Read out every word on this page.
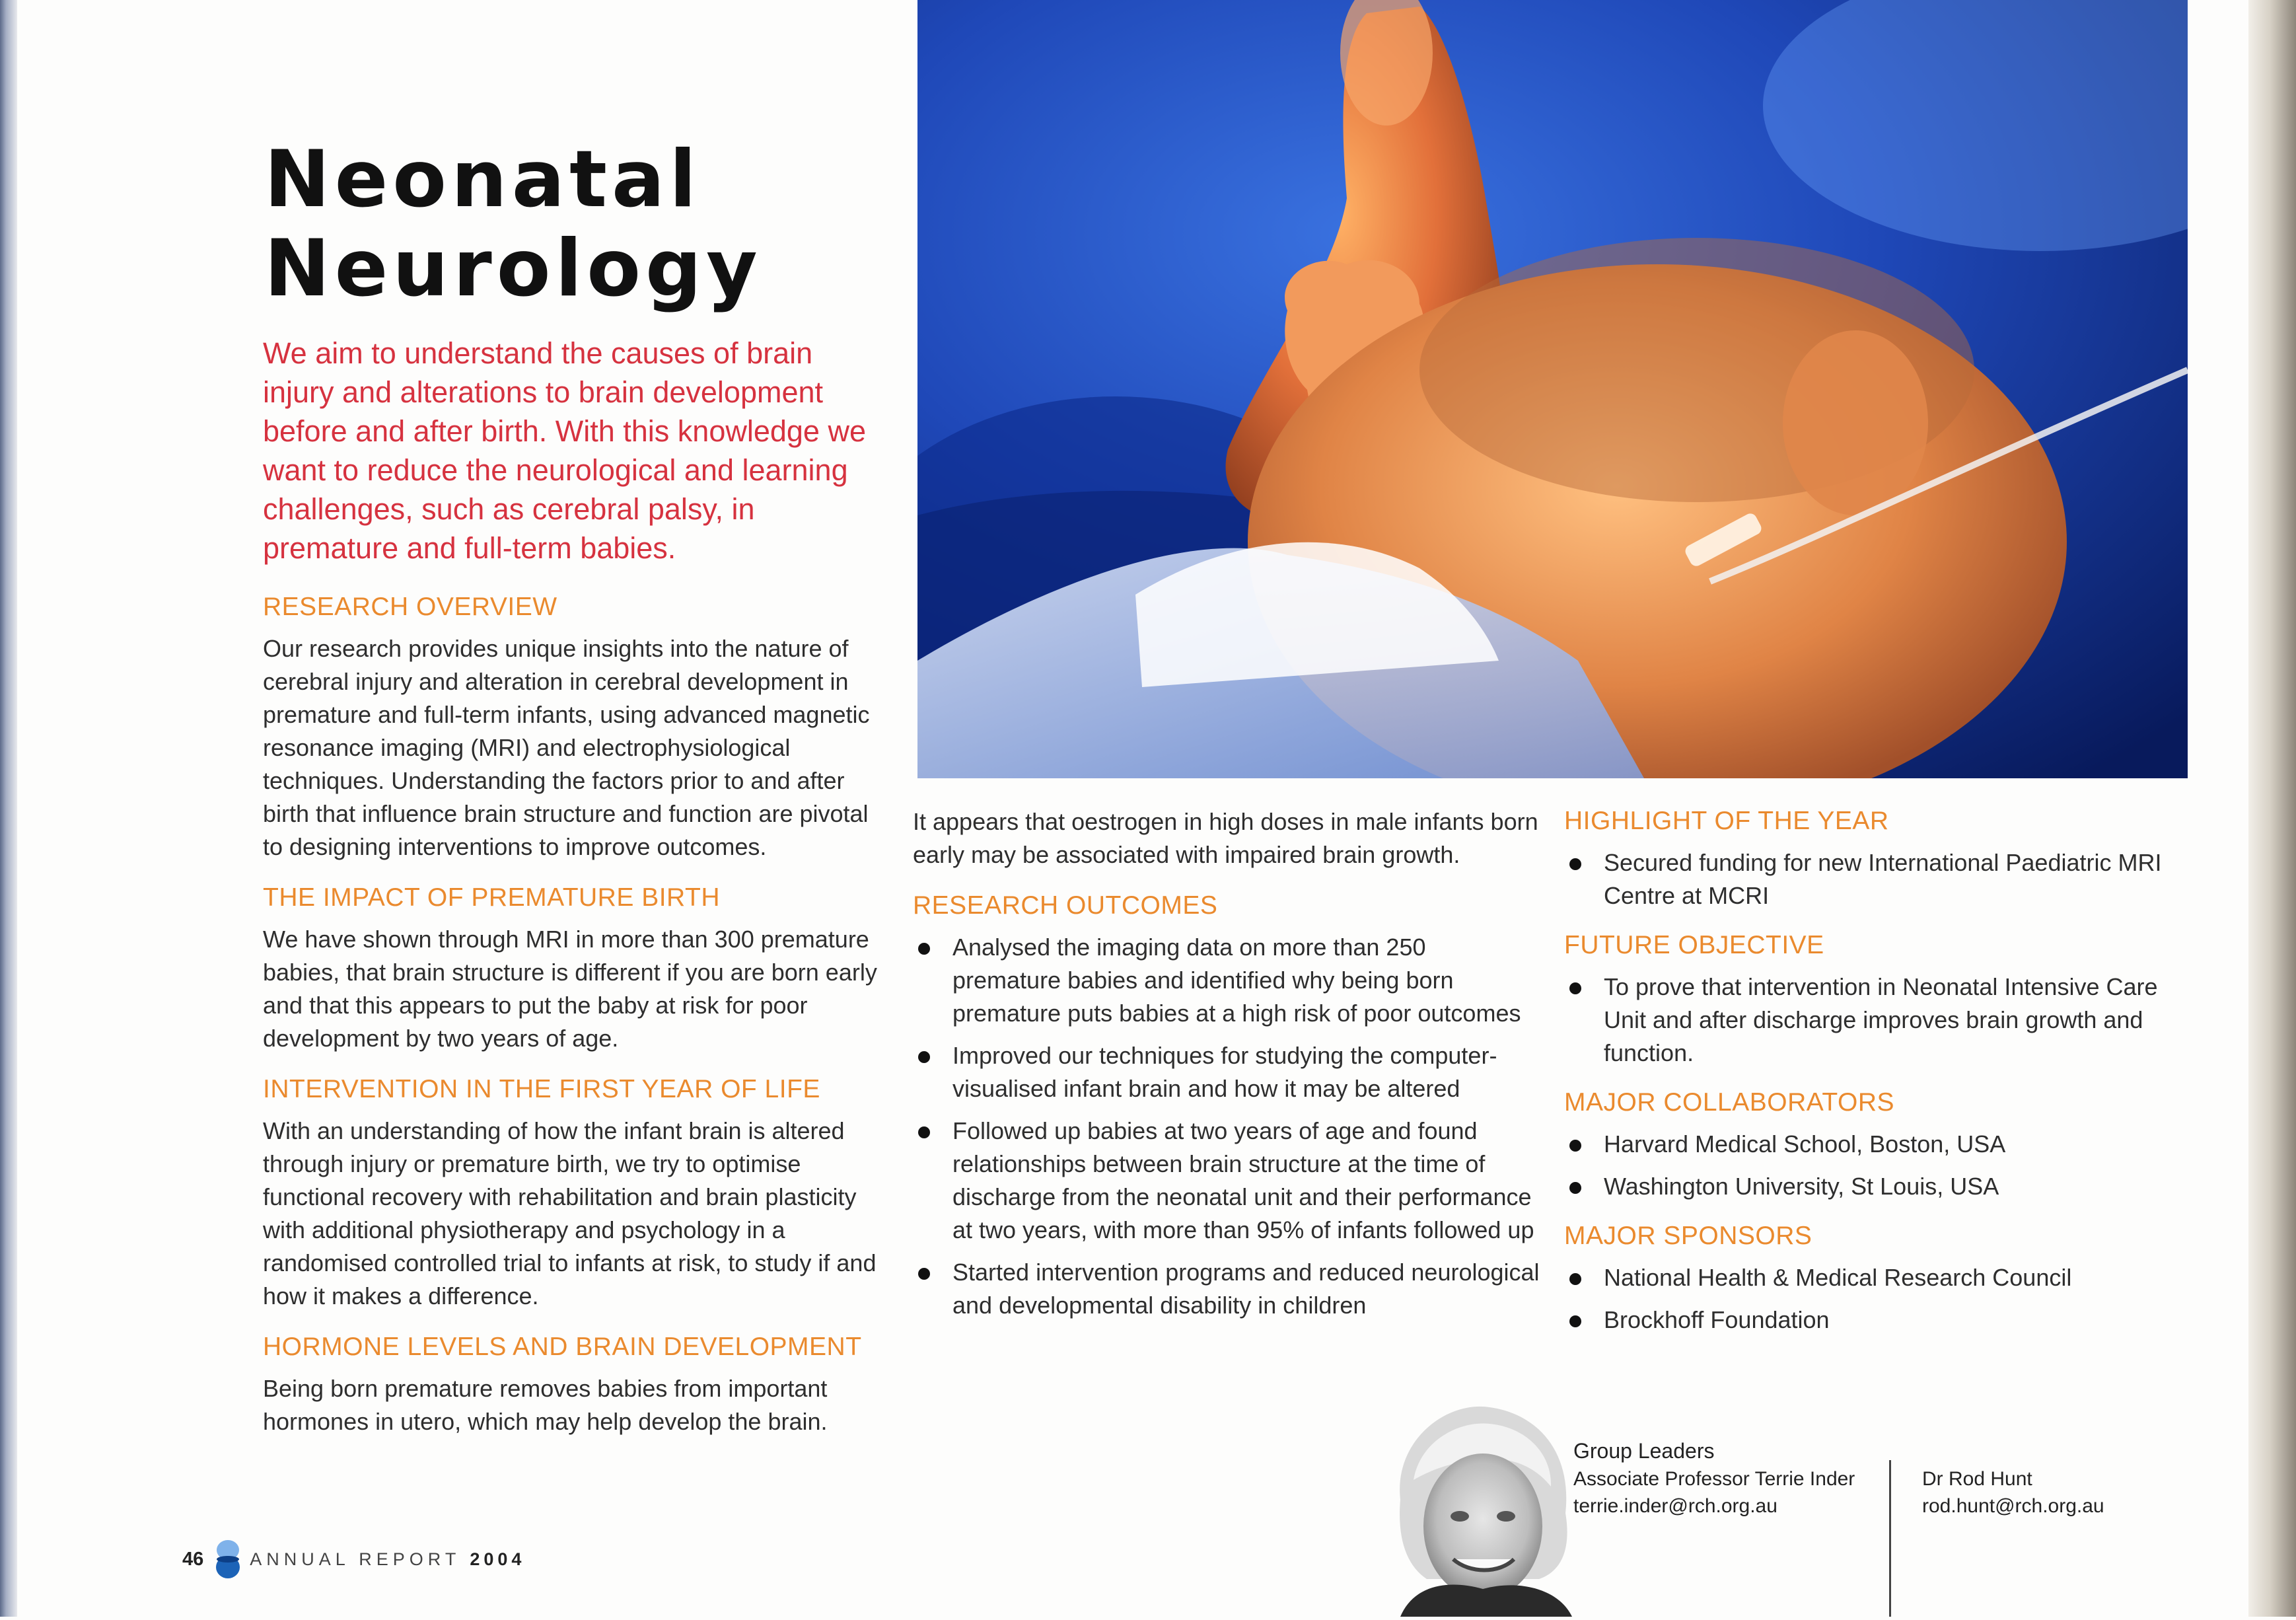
Neonatal
Neurology

We aim to understand the causes of brain injury and alterations to brain development before and after birth. With this knowledge we want to reduce the neurological and learning challenges, such as cerebral palsy, in premature and full-term babies.

RESEARCH OVERVIEW

Our research provides unique insights into the nature of cerebral injury and alteration in cerebral development in premature and full-term infants, using advanced magnetic resonance imaging (MRI) and electrophysiological techniques. Understanding the factors prior to and after birth that influence brain structure and function are pivotal to designing interventions to improve outcomes.

THE IMPACT OF PREMATURE BIRTH

We have shown through MRI in more than 300 premature babies, that brain structure is different if you are born early and that this appears to put the baby at risk for poor development by two years of age.

INTERVENTION IN THE FIRST YEAR OF LIFE

With an understanding of how the infant brain is altered through injury or premature birth, we try to optimise functional recovery with rehabilitation and brain plasticity with additional physiotherapy and psychology in a randomised controlled trial to infants at risk, to study if and how it makes a difference.

HORMONE LEVELS AND BRAIN DEVELOPMENT

Being born premature removes babies from important hormones in utero, which may help develop the brain.

It appears that oestrogen in high doses in male infants born early may be associated with impaired brain growth.

RESEARCH OUTCOMES
Analysed the imaging data on more than 250 premature babies and identified why being born premature puts babies at a high risk of poor outcomes
Improved our techniques for studying the computer-visualised infant brain and how it may be altered
Followed up babies at two years of age and found relationships between brain structure at the time of discharge from the neonatal unit and their performance at two years, with more than 95% of infants followed up
Started intervention programs and reduced neurological and developmental disability in children
HIGHLIGHT OF THE YEAR
Secured funding for new International Paediatric MRI Centre at MCRI
FUTURE OBJECTIVE
To prove that intervention in Neonatal Intensive Care Unit and after discharge improves brain growth and function.
MAJOR COLLABORATORS
Harvard Medical School, Boston, USA
Washington University, St Louis, USA
MAJOR SPONSORS
National Health & Medical Research Council
Brockhoff Foundation

Group Leaders

Associate Professor Terrie Inder
terrie.inder@rch.org.au
Dr Rod Hunt
rod.hunt@rch.org.au
46	ANNUAL REPORT 2004
